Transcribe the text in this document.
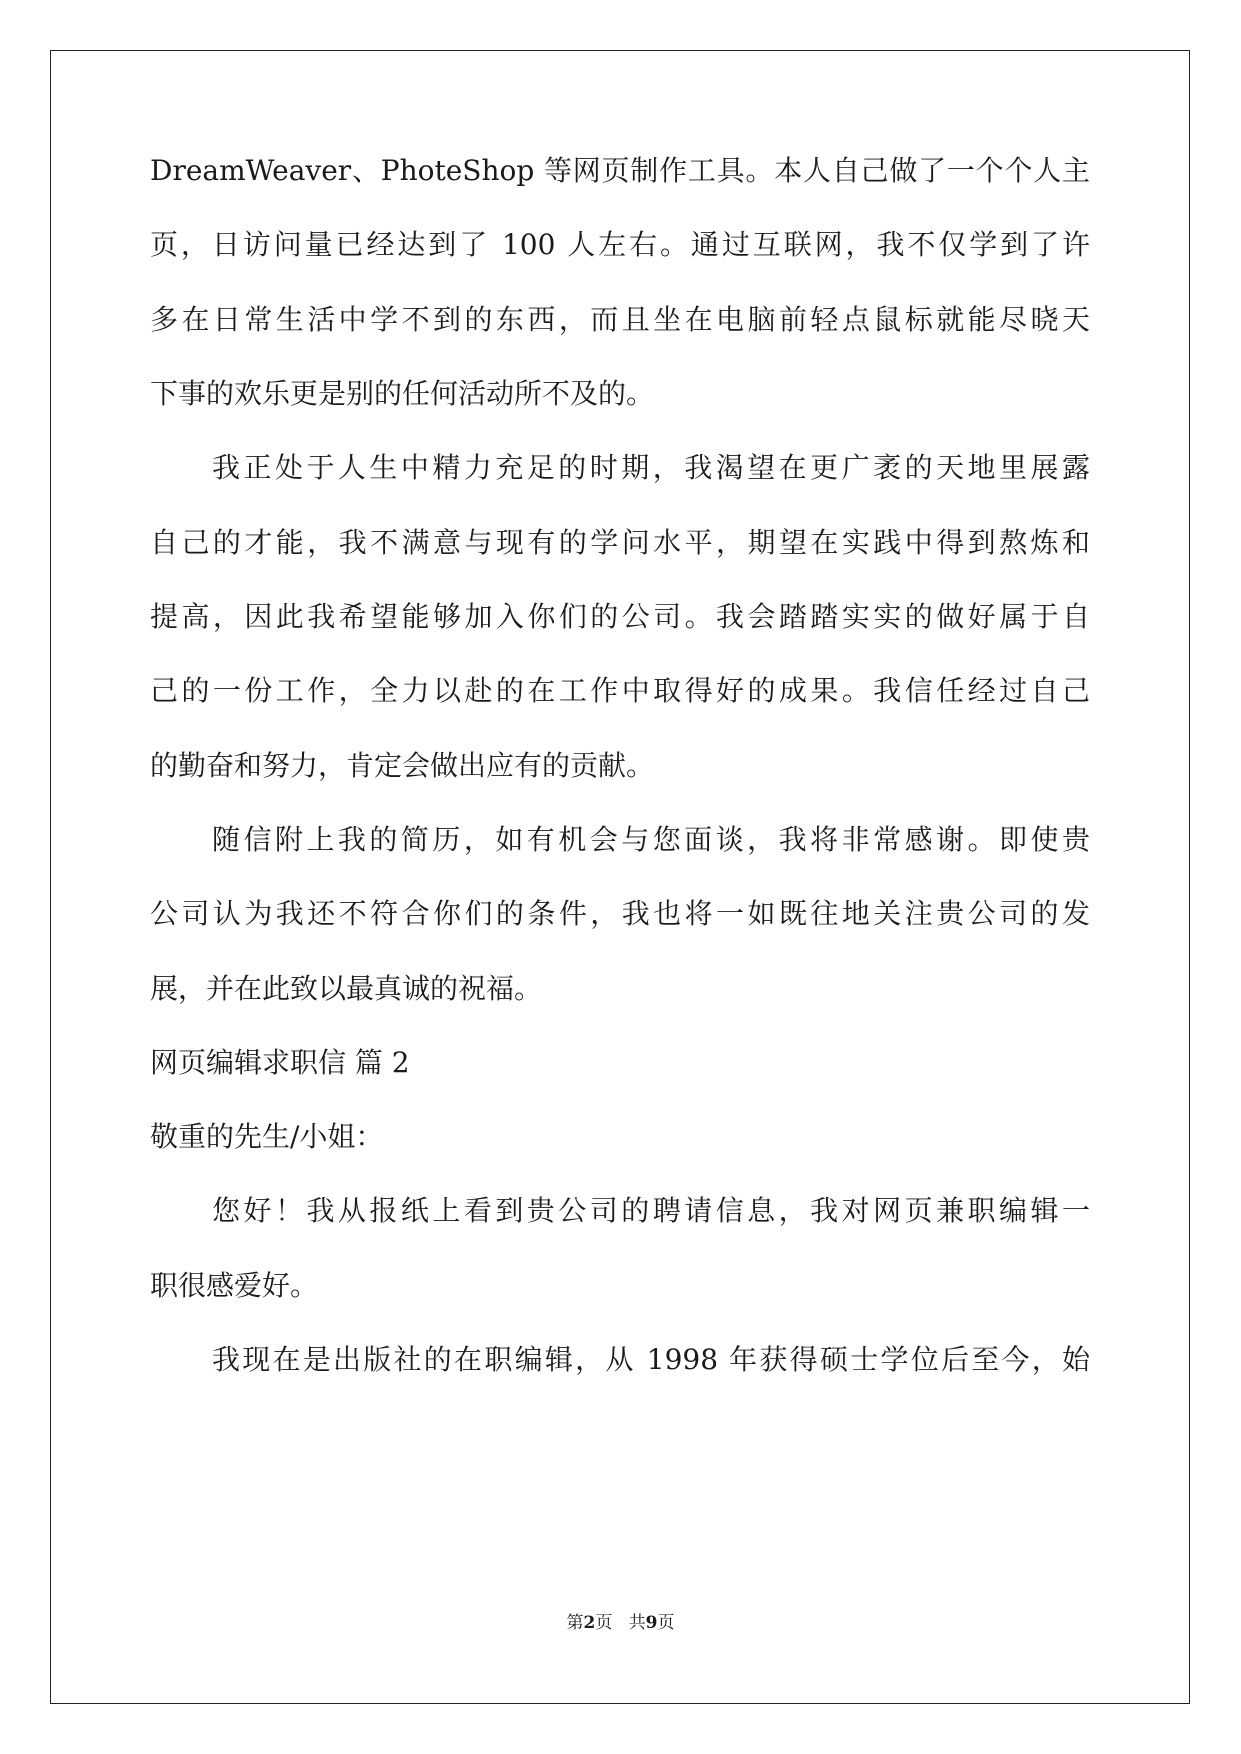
DreamWeaver、PhoteShop 等网页制作工具。本人自己做了一个个人主
页，日访问量已经达到了 100 人左右。通过互联网，我不仅学到了许
多在日常生活中学不到的东西，而且坐在电脑前轻点鼠标就能尽晓天
下事的欢乐更是别的任何活动所不及的。
我正处于人生中精力充足的时期，我渴望在更广袤的天地里展露
自己的才能，我不满意与现有的学问水平，期望在实践中得到熬炼和
提高，因此我希望能够加入你们的公司。我会踏踏实实的做好属于自
己的一份工作，全力以赴的在工作中取得好的成果。我信任经过自己
的勤奋和努力，肯定会做出应有的贡献。
随信附上我的简历，如有机会与您面谈，我将非常感谢。即使贵
公司认为我还不符合你们的条件，我也将一如既往地关注贵公司的发
展，并在此致以最真诚的祝福。
网页编辑求职信 篇 2
敬重的先生/小姐：
您好！我从报纸上看到贵公司的聘请信息，我对网页兼职编辑一
职很感爱好。
我现在是出版社的在职编辑，从 1998 年获得硕士学位后至今，始
第2页 共9页
